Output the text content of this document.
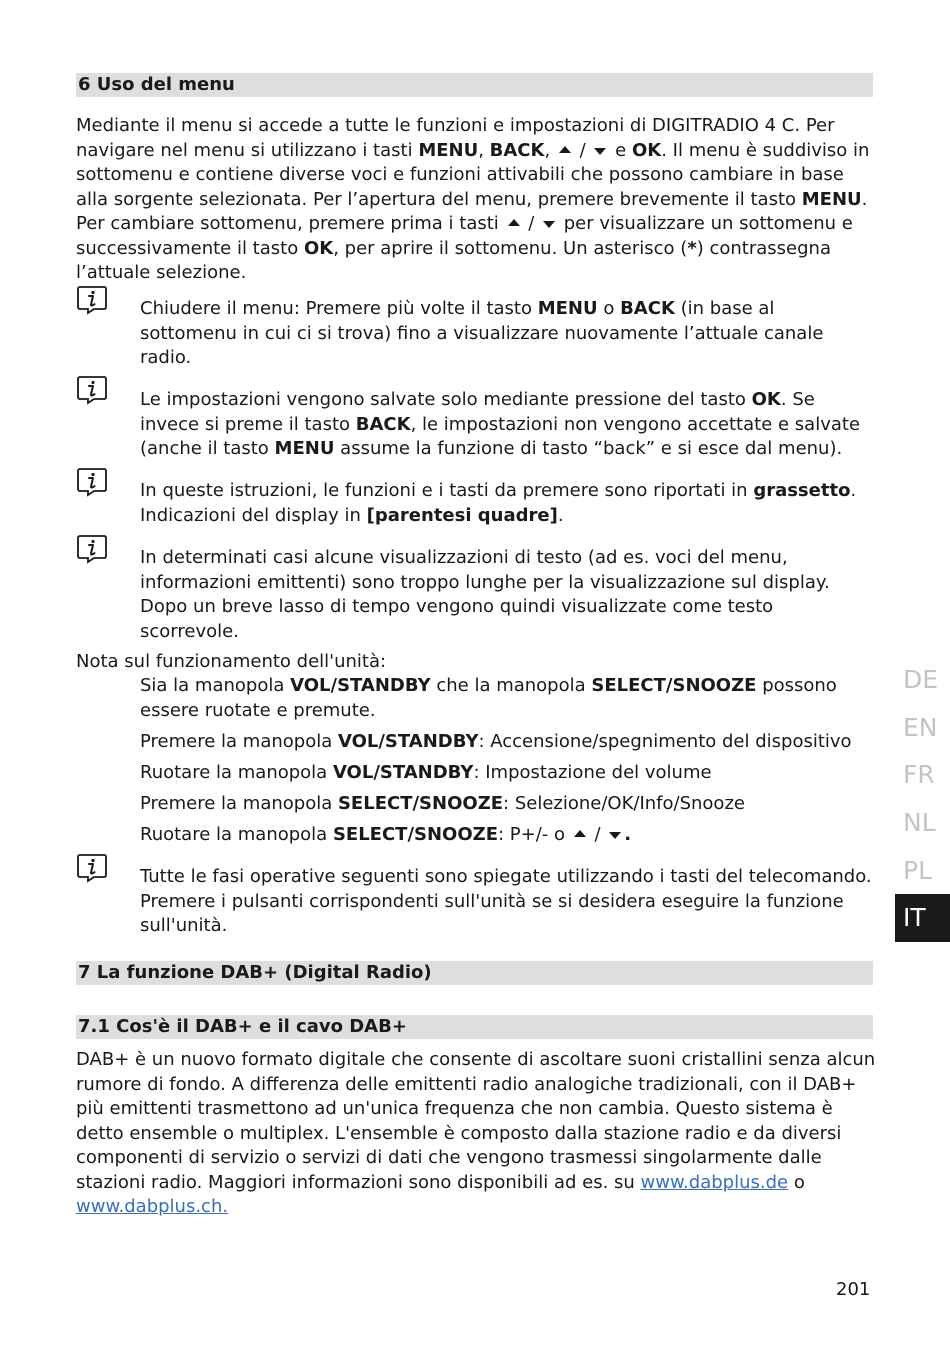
6 Uso del menu

Mediante il menu si accede a tutte le funzioni e impostazioni di DIGITRADIO 4 C. Per navigare nel menu si utilizzano i tasti MENU, BACK,  /  e OK. Il menu è suddiviso in sottomenu e contiene diverse voci e funzioni attivabili che possono cambiare in base alla sorgente selezionata. Per l’apertura del menu, premere brevemente il tasto MENU. Per cambiare sottomenu, premere prima i tasti  /  per visualizzare un sottomenu e successivamente il tasto OK, per aprire il sottomenu. Un asterisco (*) contrassegna l’attuale selezione.

Chiudere il menu: Premere più volte il tasto MENU o BACK (in base al sottomenu in cui ci si trova) fino a visualizzare nuovamente l’attuale canale radio.

Le impostazioni vengono salvate solo mediante pressione del tasto OK. Se invece si preme il tasto BACK, le impostazioni non vengono accettate e salvate (anche il tasto MENU assume la funzione di tasto “back” e si esce dal menu).

In queste istruzioni, le funzioni e i tasti da premere sono riportati in grassetto. Indicazioni del display in [parentesi quadre].

In determinati casi alcune visualizzazioni di testo (ad es. voci del menu, informazioni emittenti) sono troppo lunghe per la visualizzazione sul display. Dopo un breve lasso di tempo vengono quindi visualizzate come testo scorrevole.

Nota sul funzionamento dell'unità:

Sia la manopola VOL/STANDBY che la manopola SELECT/SNOOZE possono essere ruotate e premute.

Premere la manopola VOL/STANDBY: Accensione/spegnimento del dispositivo

Ruotare la manopola VOL/STANDBY: Impostazione del volume

Premere la manopola SELECT/SNOOZE: Selezione/OK/Info/Snooze

Ruotare la manopola SELECT/SNOOZE: P+/- o  / .

Tutte le fasi operative seguenti sono spiegate utilizzando i tasti del telecomando. Premere i pulsanti corrispondenti sull'unità se si desidera eseguire la funzione sull'unità.

7 La funzione DAB+ (Digital Radio)
7.1 Cos'è il DAB+ e il cavo DAB+

DAB+ è un nuovo formato digitale che consente di ascoltare suoni cristallini senza alcun rumore di fondo. A differenza delle emittenti radio analogiche tradizionali, con il DAB+ più emittenti trasmettono ad un'unica frequenza che non cambia. Questo sistema è detto ensemble o multiplex. L'ensemble è composto dalla stazione radio e da diversi componenti di servizio o servizi di dati che vengono trasmessi singolarmente dalle stazioni radio. Maggiori informazioni sono disponibili ad es. su www.dabplus.de o www.dabplus.ch.

DE
EN
FR
NL
PL
IT
201
